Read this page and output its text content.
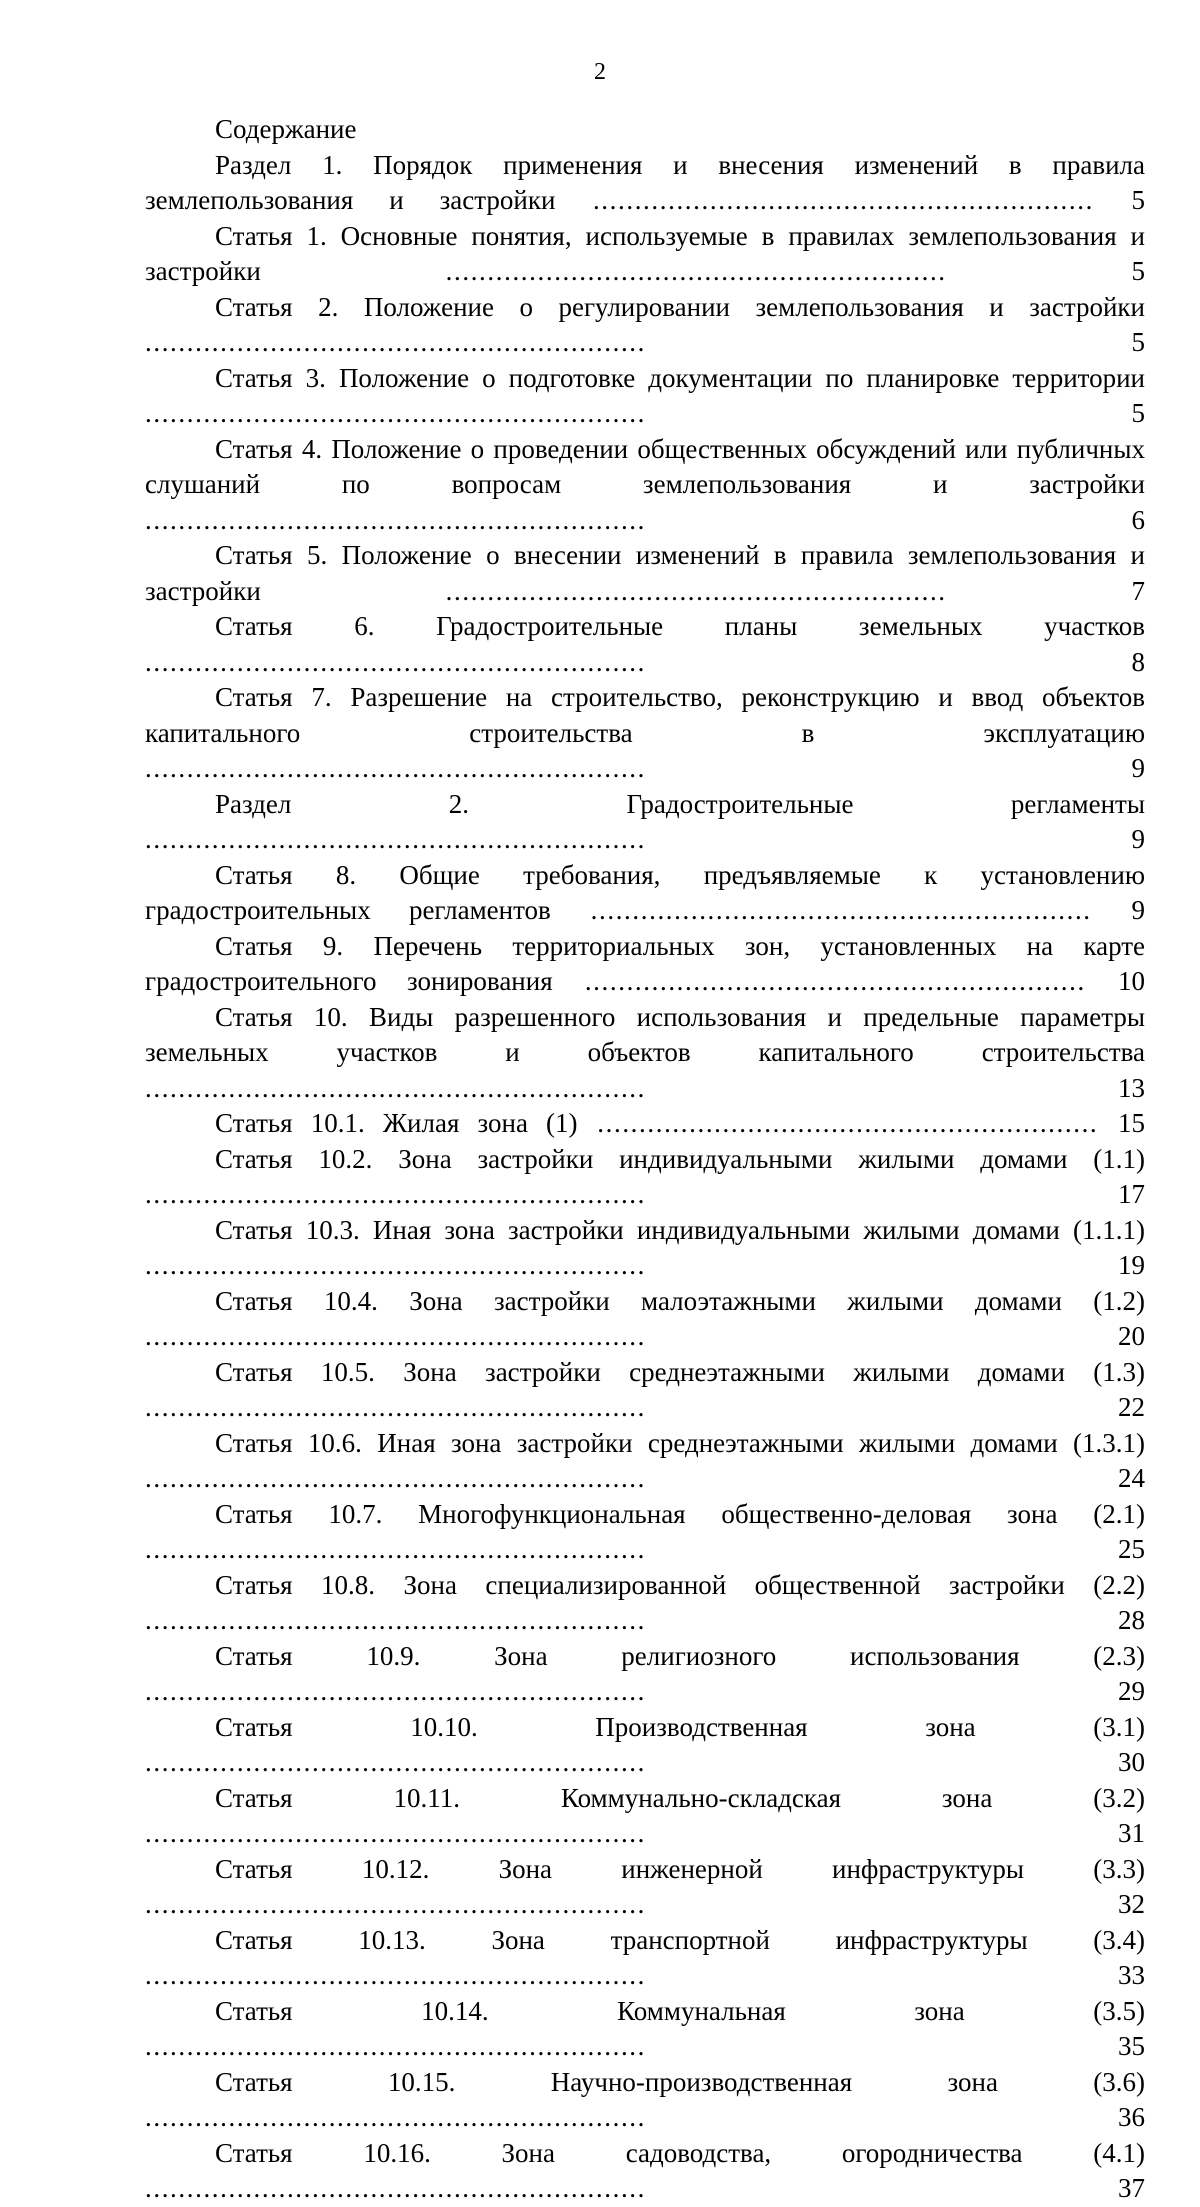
2

Содержание

Раздел 1. Порядок применения и внесения изменений в правила землепользования и застройки ............................................................ 5
Статья 1. Основные понятия, используемые в правилах землепользования и застройки ............................................................ 5
Статья 2. Положение о регулировании землепользования и застройки ............................................................ 5
Статья 3. Положение о подготовке документации по планировке территории ............................................................ 5
Статья 4. Положение о проведении общественных обсуждений или публичных слушаний по вопросам землепользования и застройки ............................................................ 6
Статья 5. Положение о внесении изменений в правила землепользования и застройки ............................................................ 7
Статья 6. Градостроительные планы земельных участков ............................................................ 8
Статья 7. Разрешение на строительство, реконструкцию и ввод объектов капитального строительства в эксплуатацию ............................................................ 9
Раздел 2. Градостроительные регламенты ............................................................ 9
Статья 8. Общие требования, предъявляемые к установлению градостроительных регламентов ............................................................ 9
Статья 9. Перечень территориальных зон, установленных на карте градостроительного зонирования ............................................................ 10
Статья 10. Виды разрешенного использования и предельные параметры земельных участков и объектов капитального строительства ............................................................ 13
Статья 10.1. Жилая зона (1) ............................................................ 15
Статья 10.2. Зона застройки индивидуальными жилыми домами (1.1) ............................................................ 17
Статья 10.3. Иная зона застройки индивидуальными жилыми домами (1.1.1) ............................................................ 19
Статья 10.4. Зона застройки малоэтажными жилыми домами (1.2) ............................................................ 20
Статья 10.5. Зона застройки среднеэтажными жилыми домами (1.3) ............................................................ 22
Статья 10.6. Иная зона застройки среднеэтажными жилыми домами (1.3.1) ............................................................ 24
Статья 10.7. Многофункциональная общественно-деловая зона (2.1) ............................................................ 25
Статья 10.8. Зона специализированной общественной застройки (2.2) ............................................................ 28
Статья 10.9. Зона религиозного использования (2.3) ............................................................ 29
Статья 10.10. Производственная зона (3.1) ............................................................ 30
Статья 10.11. Коммунально-складская зона (3.2) ............................................................ 31
Статья 10.12. Зона инженерной инфраструктуры (3.3) ............................................................ 32
Статья 10.13. Зона транспортной инфраструктуры (3.4) ............................................................ 33
Статья 10.14. Коммунальная зона (3.5) ............................................................ 35
Статья 10.15. Научно-производственная зона (3.6) ............................................................ 36
Статья 10.16. Зона садоводства, огородничества (4.1) ............................................................ 37
